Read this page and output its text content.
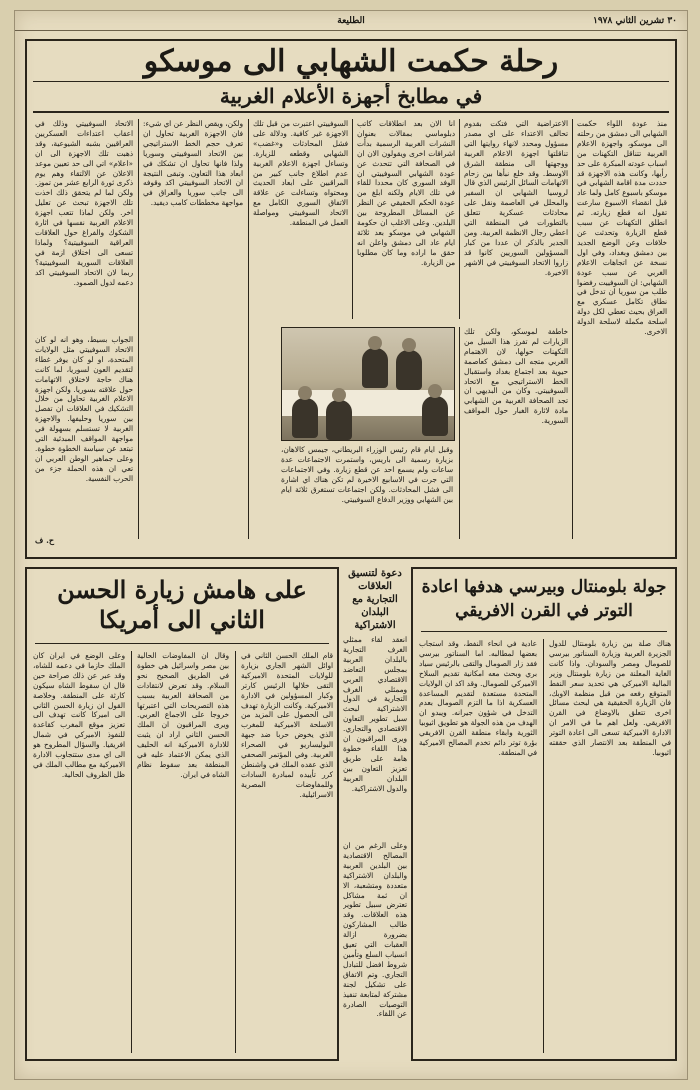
٣٠ تشرين الثاني ١٩٧٨
الطليعة
رحلة حكمت الشهابي الى موسكو
في مطابخ أجهزة الأعلام الغربية
منذ عودة اللواء حكمت الشهابي الى دمشق من رحلته الى موسكو، واجهزة الاعلام الغربية تتناقل التكهنات من اسباب عودته المبكرة على حد رأيها، وكانت هذه الاجهزة قد حددت مدة اقامة الشهابي في موسكو باسبوع كامل ولما عاد قبل انقضاء الاسبوع سارعت تقول انه قطع زيارته. ثم انطلق التكهنات عن سبب قطع الزيارة وتحدثت عن خلافات وعن الوضع الجديد بين دمشق وبغداد، وفي اول نسخة عن اتجاهات الاعلام الغربي عن سبب عودة الشهابي: ان السوفييت رفضوا طلب من سوريا ان تدخل في نطاق تكامل عسكري مع العراق بحيث تعطي لكل دولة اسلحة مكملة لاسلحة الدولة الاخرى.
الاعتراضية التي فتكت بقدوم تحالف الاعتداء على اي مصدر مسؤول ومحدد لانهاء روايتها التي تناقلتها اجهزة الاعلام الغربية ووجهتها الى منطقة الشرق الاوسط. وقد خلع نبأها بين زحام الاتهامات السائل الرئيس الذي قال لروسيا الشهابي ان السفير والمحلل في العاصمة ونقل على محادثات عسكرية تتعلق بالتطورات في المنطقة التي اعطي رجال الانظمة العربية. ومن الجدير بالذكر ان عددا من كبار المسؤولين السوريين كانوا قد زاروا الاتحاد السوفييتي في الاشهر الاخيرة.
انا الان بعد انطلاقات كاتب دبلوماسي بمقالات بعنوان النشرات الغربية الرسمية بدأت اشراقات اخرى ويقولون الان ان في الصحافة التي تتحدث عن عودة الشهابي السوفييتي ان الوفد السوري كان محددا للقاء في تلك الايام ولكنه ابلغ من عودة الحكم الحقيقي عن النظر عن المسائل المطروحة بين البلدين. وعلى الاغلب ان حكومة الشهابي في موسكو بعد ثلاثة ايام عاد الى دمشق واعلن انه حقق ما اراده وما كان مطلوبا من الزيارة.
السوفييتي اعتبرت من قبل تلك الاجهزة غير كافية. ودلالة على فشل المحادثات و«غضب» الشهابي وقطعه للزيارة. وتساءل اجهزة الاعلام الغربية عدم اطلاع جانب كبير من المراقبين على ابعاد الحديث ومحتواه وتساءلت عن علاقة الاتفاق السوري الكامل مع الاتحاد السوفييتي ومواصلة العمل في المنطقة.
خاطفة لموسكو، ولكن تلك الزيارات لم تفرز هذا السيل من التكهنات حولها، لان الاهتمام الغربي متجه الى دمشق كعاصمة حيوية بعد اجتماع بغداد واستقبال الخط الاستراتيجي مع الاتحاد السوفييتي. وكان من البديهي ان تجد الصحافة الغربية من الشهابي مادة لاثارة الغبار حول المواقف السورية.
وقبل ايام قام رئيس الوزراء البريطاني، جيمس كالاهان، بزيارة رسمية الى باريس، واستمرت الاجتماعات عدة ساعات ولم يسمع احد عن قطع زيارة. وفي الاجتماعات التي جرت في الاسابيع الاخيرة لم تكن هناك اي اشارة الى فشل المحادثات. ولكن اجتماعات تستغرق ثلاثة ايام بين الشهابي ووزير الدفاع السوفييتي.
ولكن، ويقص النظر عن اي شيء: فان الاجهزة الغربية تحاول ان تعرف حجم الخط الاستراتيجي بين الاتحاد السوفييتي وسوريا ولذا فانها تحاول ان تشكك في ابعاد هذا التعاون. وتبقى النتيجة ان الاتحاد السوفييتي اكد وقوفه الى جانب سوريا والعراق في مواجهة مخططات كامب ديفيد.
الاتحاد السوفييتي وذلك في اعقاب اعتداءات العسكريين العراقيين بشبه الشيوعية، وقد ذهبت تلك الاجهزة الى ان «اعلام» اتي الى حد تعيين موعد الاعلان عن الالتقاء وهم يوم ذكرى ثورة الرابع عشر من تموز. ولكن لما لم يتحقق ذلك اخذت تلك الاجهزة تبحث عن تعليل اخر. ولكن لماذا تتعب اجهزة الاعلام الغربية نفسها في اثارة الشكوك والفراغ حول العلاقات العراقية السوفييتية؟ ولماذا تسعى الى اختلاق ازمة في العلاقات السورية السوفييتية؟ ربما لان الاتحاد السوفييتي اكد دعمه لدول الصمود.
الجواب بسيط، وهو انه لو كان الاتحاد السوفييتي مثل الولايات المتحدة، او لو كان يوفر غطاء لتقديم العون لسوريا، لما كانت هناك حاجة لاختلاق الاتهامات حول علاقته بسوريا. ولكن اجهزة الاعلام الغربية تحاول من خلال التشكيك في العلاقات ان تفصل بين سوريا وحليفها. والاجهزة الغربية لا تستسلم بسهولة في مواجهة المواقف المبدئية التي تبتعد عن سياسة الخطوة خطوة. وعلى جماهير الوطن العربي ان تعي ان هذه الحملة جزء من الحرب النفسية.
ح. ف
على هامش زيارة الحسن الثاني الى أمريكا
قام الملك الحسن الثاني في اوائل الشهر الجاري بزيارة للولايات المتحدة الاميركية التقى خلالها الرئيس كارتر وكبار المسؤولين في الادارة الاميركية. وكانت الزيارة تهدف الى الحصول على المزيد من الاسلحة الاميركية للمغرب الذي يخوض حربا ضد جبهة البوليساريو في الصحراء الغربية. وفي المؤتمر الصحفي الذي عقده الملك في واشنطن كرر تأييده لمبادرة السادات وللمفاوضات المصرية الاسرائيلية.
وقال ان المفاوضات الحالية بين مصر واسرائيل هي خطوة في الطريق الصحيح نحو السلام. وقد تعرض لانتقادات من الصحافة العربية بسبب هذه التصريحات التي اعتبرتها خروجا على الاجماع العربي. ويرى المراقبون ان الملك الحسن الثاني اراد ان يثبت للادارة الاميركية انه الحليف الذي يمكن الاعتماد عليه في المنطقة بعد سقوط نظام الشاه في ايران.
وعلى الوضع في ايران كان الملك حازما في دعمه للشاه، وقد عبر عن ذلك صراحة حين قال ان سقوط الشاه سيكون كارثة على المنطقة. وخلاصة القول ان زيارة الحسن الثاني الى اميركا كانت تهدف الى تعزيز موقع المغرب كقاعدة للنفوذ الاميركي في شمال افريقيا. والسؤال المطروح هو الى اي مدى ستتجاوب الادارة الاميركية مع مطالب الملك في ظل الظروف الحالية.
دعوة لتنسيق العلاقات التجارية مع البلدان الاشتراكية
انعقد لقاء ممثلي الغرف التجارية بالبلدان العربية بمجلس التعاضد الاقتصادي العربي وممثلي الغرف التجارية في الدول الاشتراكية لبحث سبل تطوير التعاون الاقتصادي والتجاري. ويرى المراقبون ان هذا اللقاء خطوة هامة على طريق تعزيز التعاون بين البلدان العربية والدول الاشتراكية.
وعلى الرغم من ان المصالح الاقتصادية بين البلدين العربية والبلدان الاشتراكية متعددة ومتشعبة، الا ان ثمة مشاكل تعترض سبيل تطوير هذه العلاقات. وقد طالب المشاركون بضرورة ازالة العقبات التي تعيق انسياب السلع وتأمين شروط افضل للتبادل التجاري. وتم الاتفاق على تشكيل لجنة مشتركة لمتابعة تنفيذ التوصيات الصادرة عن اللقاء.
جولة بلومنتال وبيرسي هدفها اعادة التوتر في القرن الافريقي
هناك صلة بين زيارة بلومنتال للدول الجزيرة العربية وزيارة السناتور بيرسي للصومال ومصر والسودان. واذا كانت الغاية المعلنة من زيارة بلومنتال وزير المالية الاميركي هي تحديد سعر النفط المتوقع رفعه من قبل منظمة الاوبك، فان الزيارة الحقيقية هي لبحث مسائل اخرى تتعلق بالاوضاع في القرن الافريقي. ولعل اهم ما في الامر ان الادارة الاميركية تسعى الى اعادة التوتر في المنطقة بعد الانتصار الذي حققته اثيوبيا.
عادية في انحاء النفط، وقد استجاب بعضها لمطالبه. اما السناتور بيرسي فقد زار الصومال والتقى بالرئيس سياد بري وبحث معه امكانية تقديم السلاح الاميركي للصومال. وقد اكد ان الولايات المتحدة مستعدة لتقديم المساعدة العسكرية اذا ما التزم الصومال بعدم التدخل في شؤون جيرانه. ويبدو ان الهدف من هذه الجولة هو تطويق اثيوبيا الثورية وابقاء منطقة القرن الافريقي بؤرة توتر دائم تخدم المصالح الاميركية في المنطقة.
